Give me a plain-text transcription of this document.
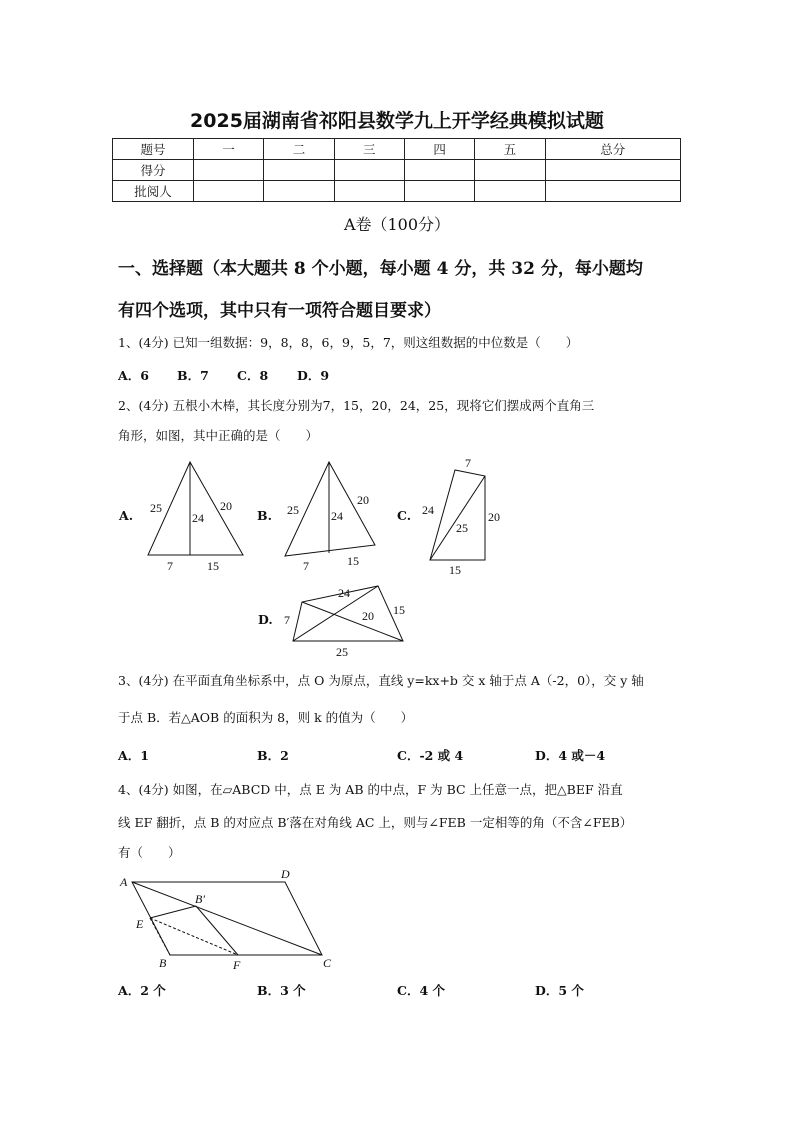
2025届湖南省祁阳县数学九上开学经典模拟试题
题号	一	二	三	四	五	总分
得分						
批阅人						
A卷（100分）
一、选择题（本大题共 8 个小题，每小题 4 分，共 32 分，每小题均
有四个选项，其中只有一项符合题目要求）
1、(4分) 已知一组数据：9，8，8，6，9，5，7，则这组数据的中位数是（　　）
A．6 B．7 C．8 D．9
2、(4分) 五根小木棒，其长度分别为7，15，20，24，25，现将它们摆成两个直角三
角形，如图，其中正确的是（　　）
A.	B.	C.
D.
25
24
20
7	15
25	24
20
7	15
7
24
25
20
15
24
7	20 15
25
A
D
B′
E
B	F	C
3、(4分) 在平面直角坐标系中，点 O 为原点，直线 y=kx+b 交 x 轴于点 A（-2，0），交 y 轴
于点 B．若△AOB 的面积为 8，则 k 的值为（　　）
A．1	B．2	C．-2 或 4	D．4 或－4
4、(4分) 如图，在▱ABCD 中，点 E 为 AB 的中点，F 为 BC 上任意一点，把△BEF 沿直
线 EF 翻折，点 B 的对应点 B′落在对角线 AC 上，则与∠FEB 一定相等的角（不含∠FEB）
有（　　）
A．2 个	B．3 个	C．4 个	D．5 个
